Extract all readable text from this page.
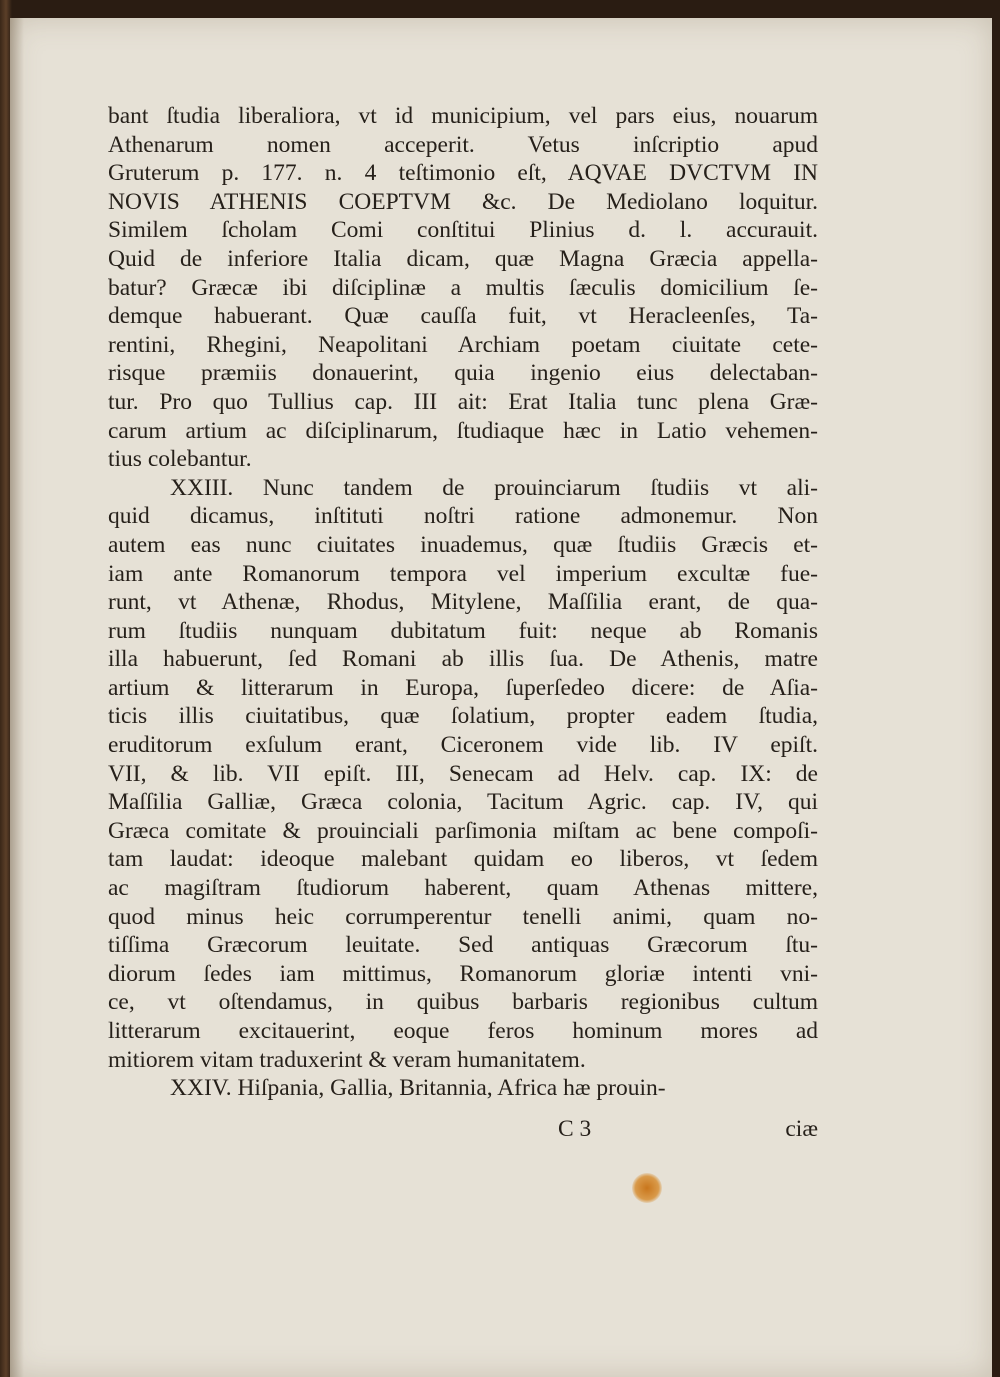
bant ſtudia liberaliora, vt id municipium, vel pars eius, nouarum

Athenarum nomen acceperit. Vetus inſcriptio apud

Gruterum p. 177. n. 4 teſtimonio eſt, AQVAE DVCTVM IN

NOVIS ATHENIS COEPTVM &c. De Mediolano loquitur.

Similem ſcholam Comi conſtitui Plinius d. l. accurauit.

Quid de inferiore Italia dicam, quæ Magna Græcia appella-

batur? Græcæ ibi diſciplinæ a multis ſæculis domicilium ſe-

demque habuerant. Quæ cauſſa fuit, vt Heracleenſes, Ta-

rentini, Rhegini, Neapolitani Archiam poetam ciuitate cete-

risque præmiis donauerint, quia ingenio eius delectaban-

tur. Pro quo Tullius cap. III ait: Erat Italia tunc plena Græ-

carum artium ac diſciplinarum, ſtudiaque hæc in Latio vehemen-

tius colebantur.

XXIII. Nunc tandem de prouinciarum ſtudiis vt ali-

quid dicamus, inſtituti noſtri ratione admonemur. Non

autem eas nunc ciuitates inuademus, quæ ſtudiis Græcis et-

iam ante Romanorum tempora vel imperium excultæ fue-

runt, vt Athenæ, Rhodus, Mitylene, Maſſilia erant, de qua-

rum ſtudiis nunquam dubitatum fuit: neque ab Romanis

illa habuerunt, ſed Romani ab illis ſua. De Athenis, matre

artium & litterarum in Europa, ſuperſedeo dicere: de Aſia-

ticis illis ciuitatibus, quæ ſolatium, propter eadem ſtudia,

eruditorum exſulum erant, Ciceronem vide lib. IV epiſt.

VII, & lib. VII epiſt. III, Senecam ad Helv. cap. IX: de

Maſſilia Galliæ, Græca colonia, Tacitum Agric. cap. IV, qui

Græca comitate & prouinciali parſimonia miſtam ac bene compoſi-

tam laudat: ideoque malebant quidam eo liberos, vt ſedem

ac magiſtram ſtudiorum haberent, quam Athenas mittere,

quod minus heic corrumperentur tenelli animi, quam no-

tiſſima Græcorum leuitate. Sed antiquas Græcorum ſtu-

diorum ſedes iam mittimus, Romanorum gloriæ intenti vni-

ce, vt oſtendamus, in quibus barbaris regionibus cultum

litterarum excitauerint, eoque feros hominum mores ad

mitiorem vitam traduxerint & veram humanitatem.

XXIV. Hiſpania, Gallia, Britannia, Africa hæ prouin-

C 3	ciæ
